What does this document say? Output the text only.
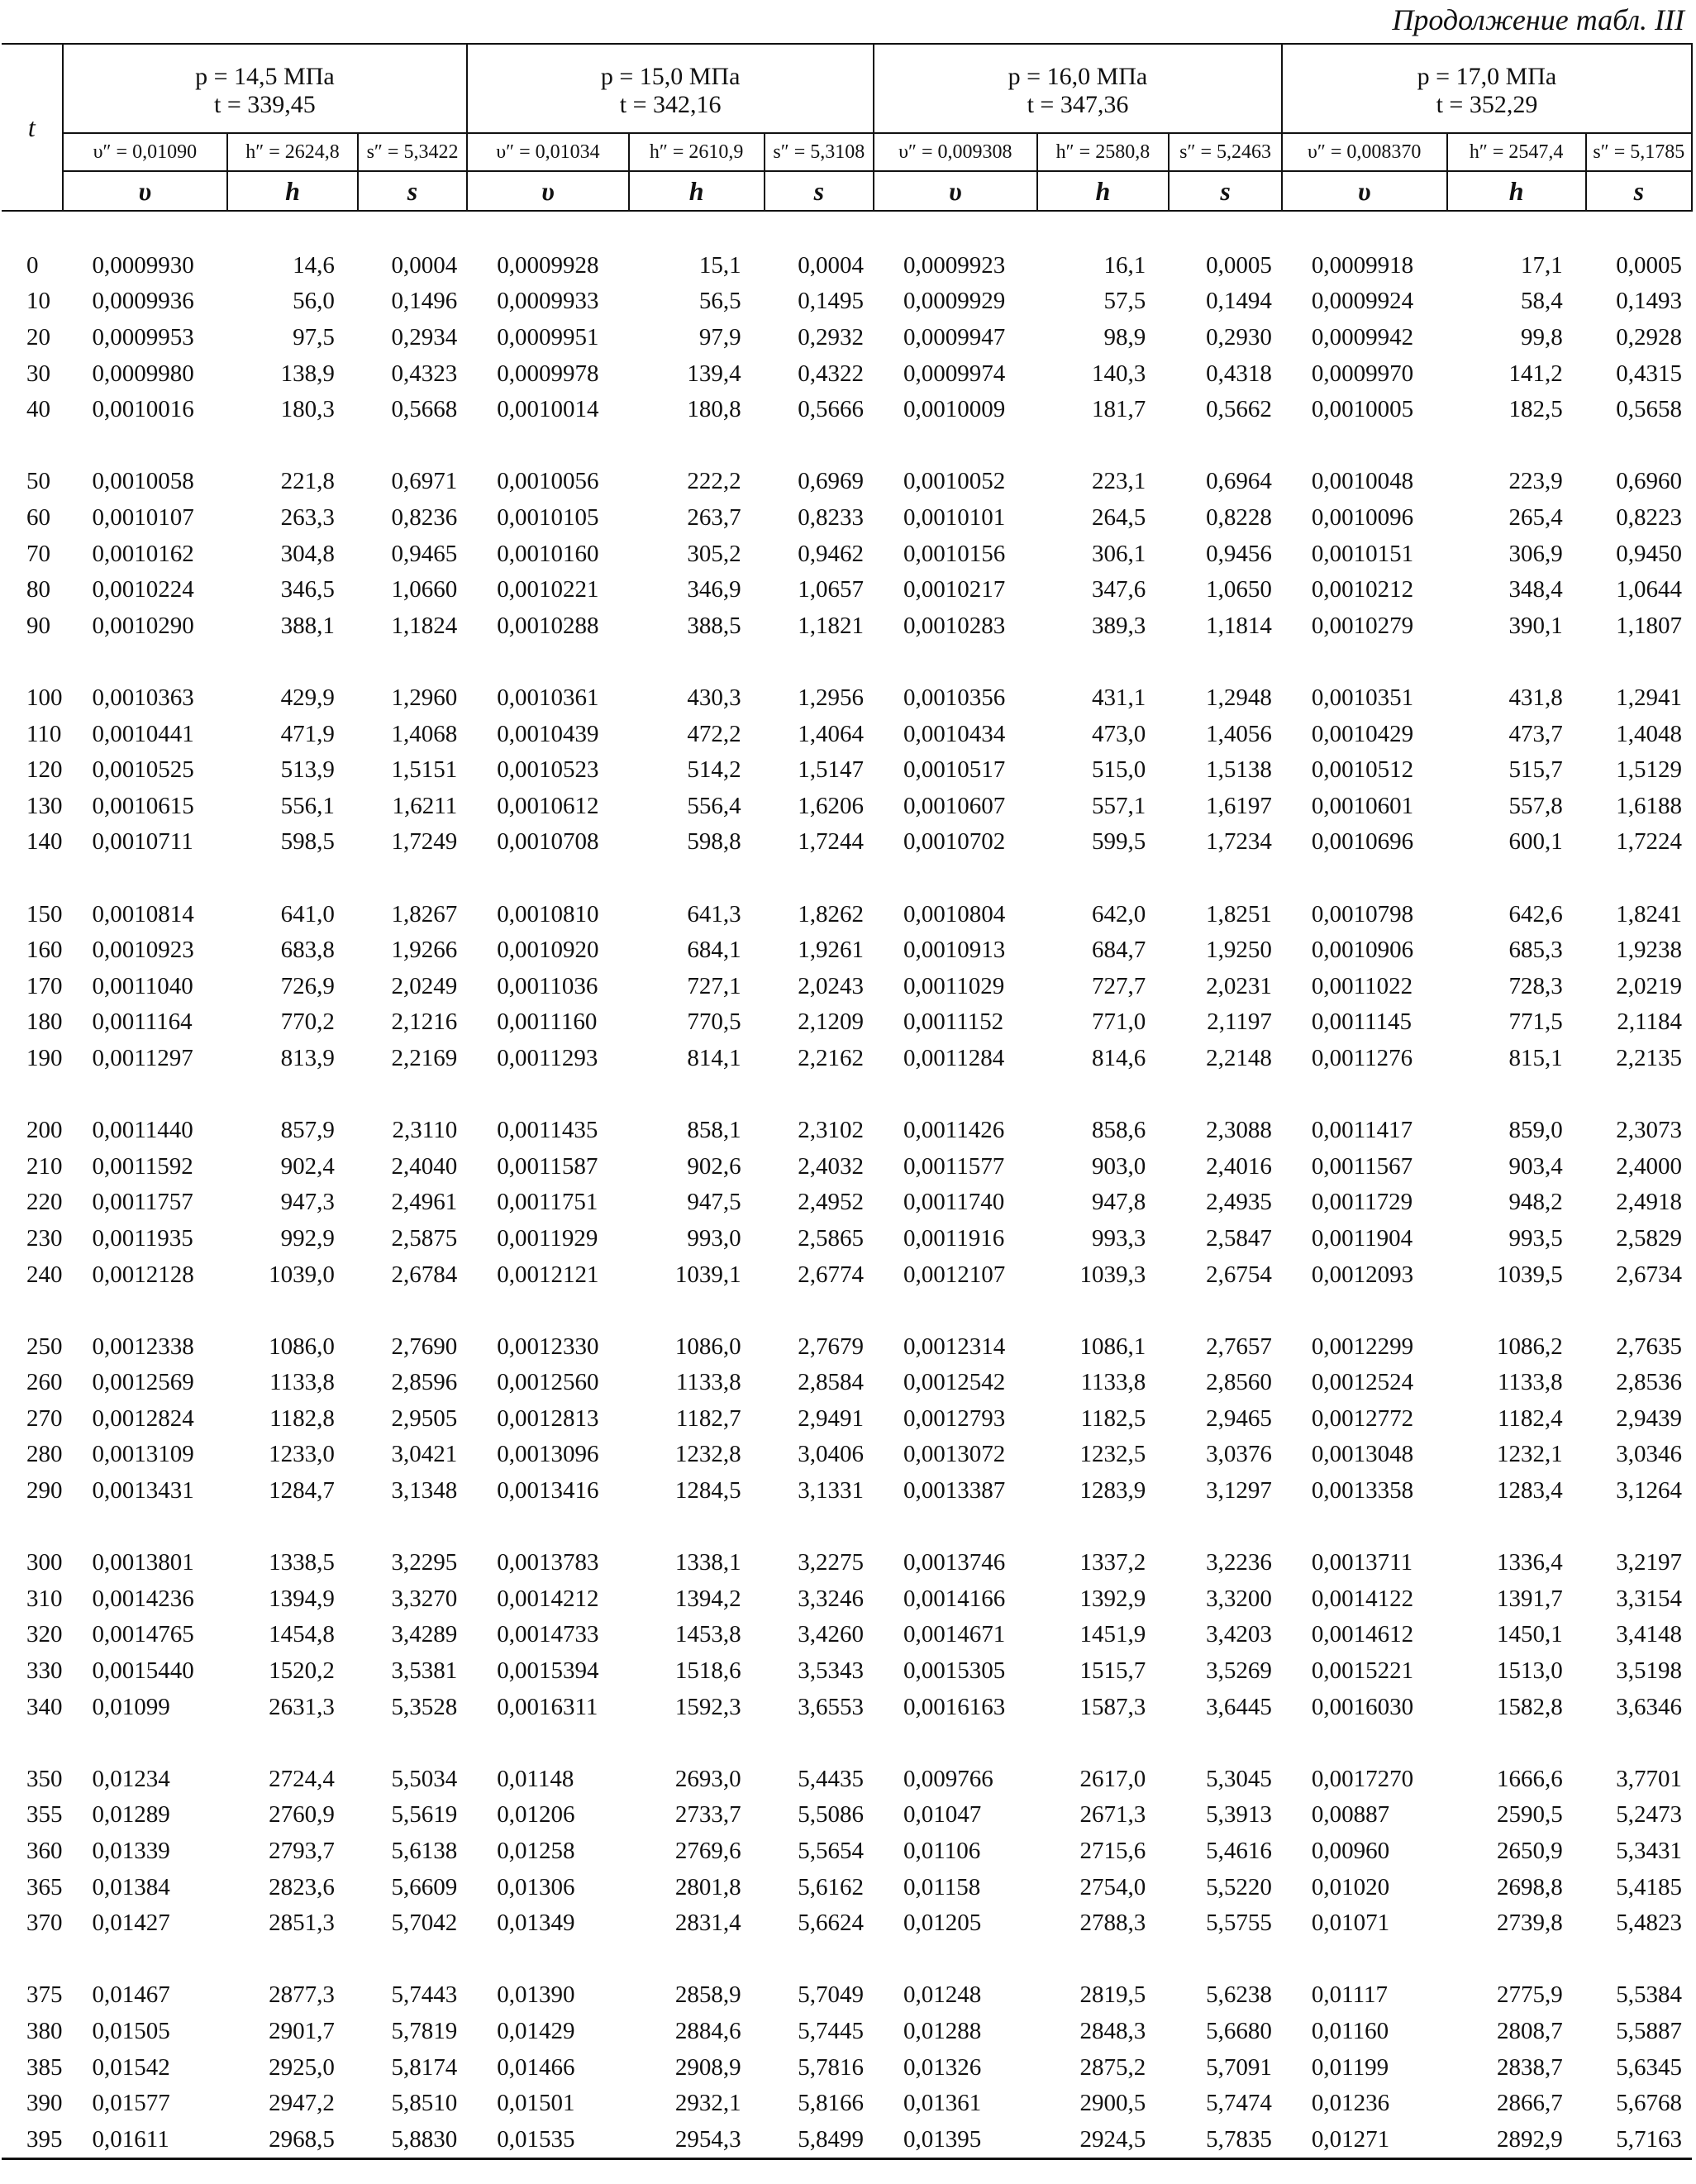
Продолжение табл. III
t	p = 14,5 МПа			p = 15,0 МПа			p = 16,0 МПа			p = 17,0 МПа		
	t = 339,45			t = 342,16			t = 347,36			t = 352,29		
	υ″ = 0,01090	h″ = 2624,8	s″ = 5,3422	υ″ = 0,01034	h″ = 2610,9	s″ = 5,3108	υ″ = 0,009308	h″ = 2580,8	s″ = 5,2463	υ″ = 0,008370	h″ = 2547,4	s″ = 5,1785
	υ	h	s	υ	h	s	υ	h	s	υ	h	s

0	0,0009930	14,6	0,0004	0,0009928	15,1	0,0004	0,0009923	16,1	0,0005	0,0009918	17,1	0,0005
10	0,0009936	56,0	0,1496	0,0009933	56,5	0,1495	0,0009929	57,5	0,1494	0,0009924	58,4	0,1493
20	0,0009953	97,5	0,2934	0,0009951	97,9	0,2932	0,0009947	98,9	0,2930	0,0009942	99,8	0,2928
30	0,0009980	138,9	0,4323	0,0009978	139,4	0,4322	0,0009974	140,3	0,4318	0,0009970	141,2	0,4315
40	0,0010016	180,3	0,5668	0,0010014	180,8	0,5666	0,0010009	181,7	0,5662	0,0010005	182,5	0,5658

50	0,0010058	221,8	0,6971	0,0010056	222,2	0,6969	0,0010052	223,1	0,6964	0,0010048	223,9	0,6960
60	0,0010107	263,3	0,8236	0,0010105	263,7	0,8233	0,0010101	264,5	0,8228	0,0010096	265,4	0,8223
70	0,0010162	304,8	0,9465	0,0010160	305,2	0,9462	0,0010156	306,1	0,9456	0,0010151	306,9	0,9450
80	0,0010224	346,5	1,0660	0,0010221	346,9	1,0657	0,0010217	347,6	1,0650	0,0010212	348,4	1,0644
90	0,0010290	388,1	1,1824	0,0010288	388,5	1,1821	0,0010283	389,3	1,1814	0,0010279	390,1	1,1807

100	0,0010363	429,9	1,2960	0,0010361	430,3	1,2956	0,0010356	431,1	1,2948	0,0010351	431,8	1,2941
110	0,0010441	471,9	1,4068	0,0010439	472,2	1,4064	0,0010434	473,0	1,4056	0,0010429	473,7	1,4048
120	0,0010525	513,9	1,5151	0,0010523	514,2	1,5147	0,0010517	515,0	1,5138	0,0010512	515,7	1,5129
130	0,0010615	556,1	1,6211	0,0010612	556,4	1,6206	0,0010607	557,1	1,6197	0,0010601	557,8	1,6188
140	0,0010711	598,5	1,7249	0,0010708	598,8	1,7244	0,0010702	599,5	1,7234	0,0010696	600,1	1,7224

150	0,0010814	641,0	1,8267	0,0010810	641,3	1,8262	0,0010804	642,0	1,8251	0,0010798	642,6	1,8241
160	0,0010923	683,8	1,9266	0,0010920	684,1	1,9261	0,0010913	684,7	1,9250	0,0010906	685,3	1,9238
170	0,0011040	726,9	2,0249	0,0011036	727,1	2,0243	0,0011029	727,7	2,0231	0,0011022	728,3	2,0219
180	0,0011164	770,2	2,1216	0,0011160	770,5	2,1209	0,0011152	771,0	2,1197	0,0011145	771,5	2,1184
190	0,0011297	813,9	2,2169	0,0011293	814,1	2,2162	0,0011284	814,6	2,2148	0,0011276	815,1	2,2135

200	0,0011440	857,9	2,3110	0,0011435	858,1	2,3102	0,0011426	858,6	2,3088	0,0011417	859,0	2,3073
210	0,0011592	902,4	2,4040	0,0011587	902,6	2,4032	0,0011577	903,0	2,4016	0,0011567	903,4	2,4000
220	0,0011757	947,3	2,4961	0,0011751	947,5	2,4952	0,0011740	947,8	2,4935	0,0011729	948,2	2,4918
230	0,0011935	992,9	2,5875	0,0011929	993,0	2,5865	0,0011916	993,3	2,5847	0,0011904	993,5	2,5829
240	0,0012128	1039,0	2,6784	0,0012121	1039,1	2,6774	0,0012107	1039,3	2,6754	0,0012093	1039,5	2,6734

250	0,0012338	1086,0	2,7690	0,0012330	1086,0	2,7679	0,0012314	1086,1	2,7657	0,0012299	1086,2	2,7635
260	0,0012569	1133,8	2,8596	0,0012560	1133,8	2,8584	0,0012542	1133,8	2,8560	0,0012524	1133,8	2,8536
270	0,0012824	1182,8	2,9505	0,0012813	1182,7	2,9491	0,0012793	1182,5	2,9465	0,0012772	1182,4	2,9439
280	0,0013109	1233,0	3,0421	0,0013096	1232,8	3,0406	0,0013072	1232,5	3,0376	0,0013048	1232,1	3,0346
290	0,0013431	1284,7	3,1348	0,0013416	1284,5	3,1331	0,0013387	1283,9	3,1297	0,0013358	1283,4	3,1264

300	0,0013801	1338,5	3,2295	0,0013783	1338,1	3,2275	0,0013746	1337,2	3,2236	0,0013711	1336,4	3,2197
310	0,0014236	1394,9	3,3270	0,0014212	1394,2	3,3246	0,0014166	1392,9	3,3200	0,0014122	1391,7	3,3154
320	0,0014765	1454,8	3,4289	0,0014733	1453,8	3,4260	0,0014671	1451,9	3,4203	0,0014612	1450,1	3,4148
330	0,0015440	1520,2	3,5381	0,0015394	1518,6	3,5343	0,0015305	1515,7	3,5269	0,0015221	1513,0	3,5198
340	0,01099	2631,3	5,3528	0,0016311	1592,3	3,6553	0,0016163	1587,3	3,6445	0,0016030	1582,8	3,6346

350	0,01234	2724,4	5,5034	0,01148	2693,0	5,4435	0,009766	2617,0	5,3045	0,0017270	1666,6	3,7701
355	0,01289	2760,9	5,5619	0,01206	2733,7	5,5086	0,01047	2671,3	5,3913	0,00887	2590,5	5,2473
360	0,01339	2793,7	5,6138	0,01258	2769,6	5,5654	0,01106	2715,6	5,4616	0,00960	2650,9	5,3431
365	0,01384	2823,6	5,6609	0,01306	2801,8	5,6162	0,01158	2754,0	5,5220	0,01020	2698,8	5,4185
370	0,01427	2851,3	5,7042	0,01349	2831,4	5,6624	0,01205	2788,3	5,5755	0,01071	2739,8	5,4823

375	0,01467	2877,3	5,7443	0,01390	2858,9	5,7049	0,01248	2819,5	5,6238	0,01117	2775,9	5,5384
380	0,01505	2901,7	5,7819	0,01429	2884,6	5,7445	0,01288	2848,3	5,6680	0,01160	2808,7	5,5887
385	0,01542	2925,0	5,8174	0,01466	2908,9	5,7816	0,01326	2875,2	5,7091	0,01199	2838,7	5,6345
390	0,01577	2947,2	5,8510	0,01501	2932,1	5,8166	0,01361	2900,5	5,7474	0,01236	2866,7	5,6768
395	0,01611	2968,5	5,8830	0,01535	2954,3	5,8499	0,01395	2924,5	5,7835	0,01271	2892,9	5,7163
